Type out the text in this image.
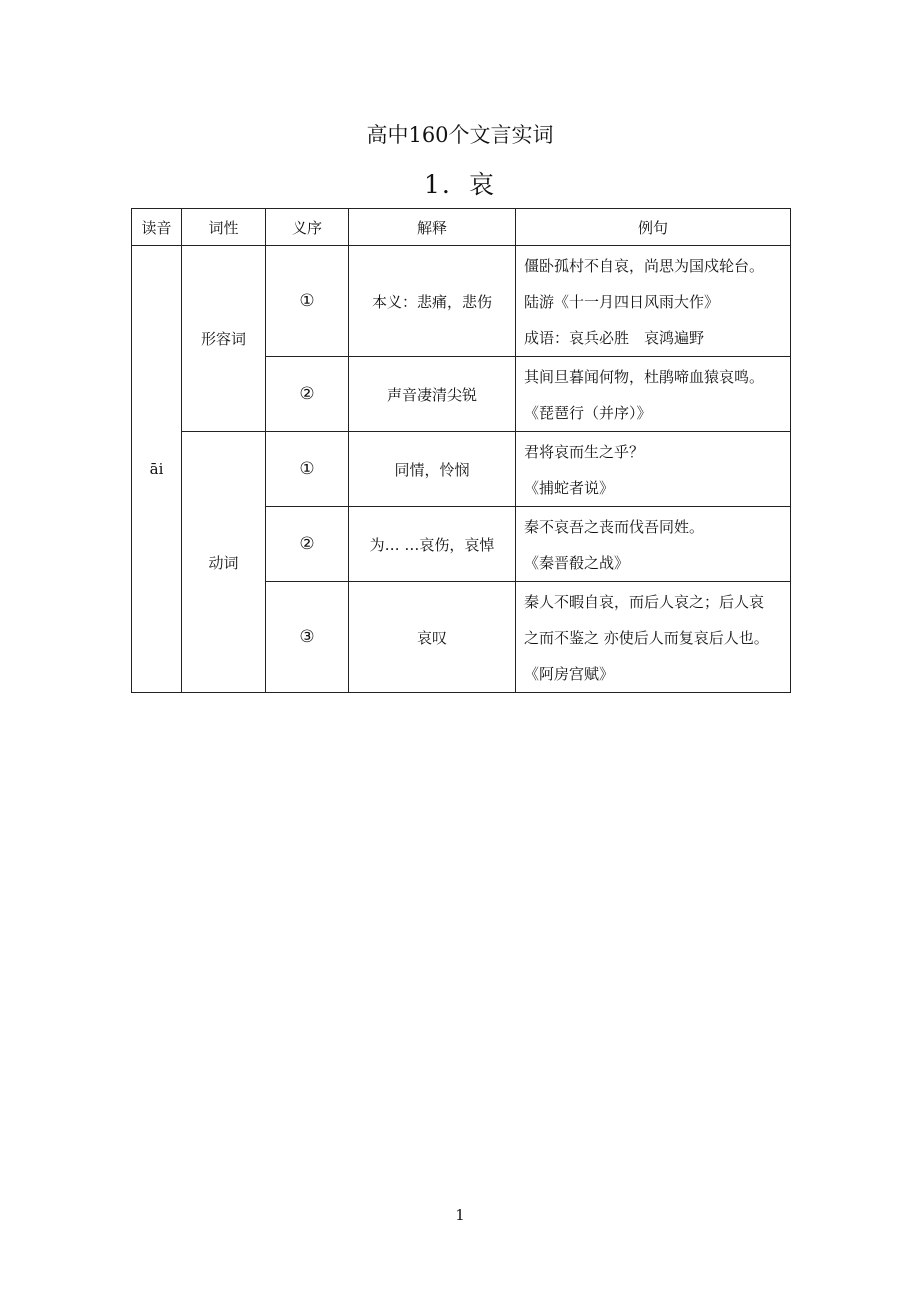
高中160个文言实词
1．哀
读音	词性	义序	解释	例句
āi	形容词	①	本义：悲痛，悲伤	僵卧孤村不自哀，尚思为国戍轮台。
陆游《十一月四日风雨大作》
成语：哀兵必胜　哀鸿遍野

		②	声音凄清尖锐	其间旦暮闻何物，杜鹃啼血猿哀鸣。
《琵琶行（并序）》

	动词	①	同情，怜悯	君将哀而生之乎？
《捕蛇者说》

		②	为… …哀伤，哀悼	秦不哀吾之丧而伐吾同姓。
《秦晋殽之战》

		③	哀叹	秦人不暇自哀，而后人哀之；后人哀
之而不鉴之 亦使后人而复哀后人也。
《阿房宫赋》
1
